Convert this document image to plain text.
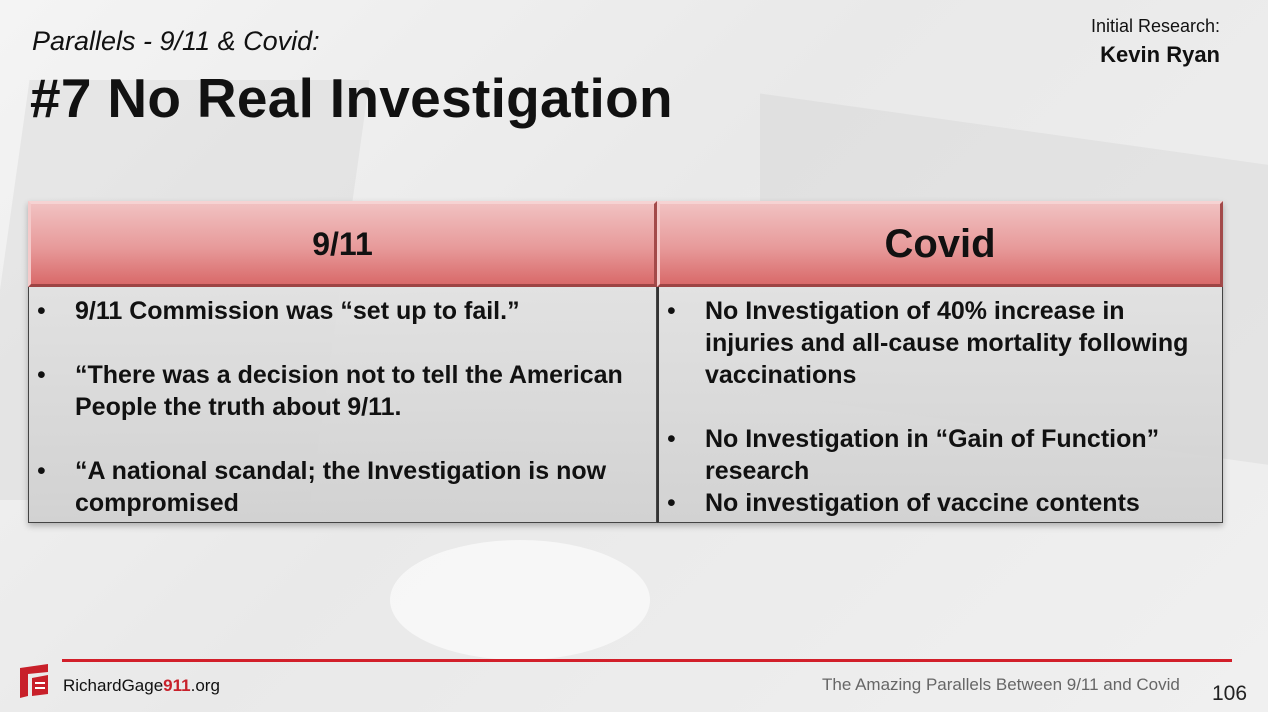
Parallels - 9/11 & Covid:
#7 No Real Investigation
Initial Research:
Kevin Ryan
9/11
•	9/11 Commission was “set up to fail.”
•	“There was a decision not to tell the American People the truth about 9/11.
•	“A national scandal; the Investigation is now compromised
Covid
•	No Investigation of 40% increase in injuries and all-cause mortality following vaccinations
•	No Investigation in “Gain of Function” research
•	No investigation of vaccine contents
RichardGage911.org	The Amazing Parallels Between 9/11 and Covid 106
